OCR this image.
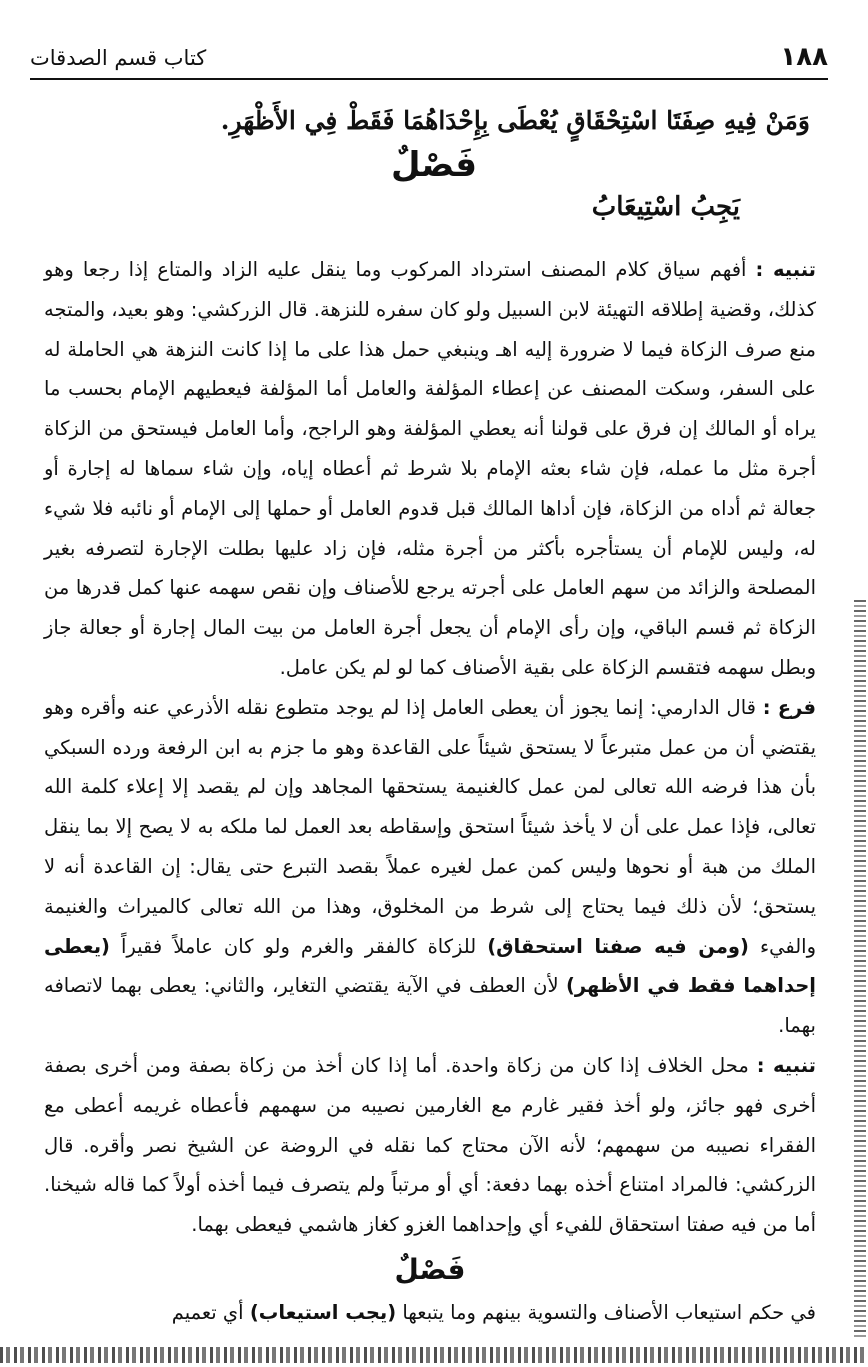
١٨٨
كتاب قسم الصدقات
وَمَنْ فِيهِ صِفَتَا اسْتِحْقَاقٍ يُعْطَى بِإِحْدَاهُمَا فَقَطْ فِي الأَظْهَرِ.
فَصْلٌ
يَجِبُ اسْتِيعَابُ

تنبيه : أفهم سياق كلام المصنف استرداد المركوب وما ينقل عليه الزاد والمتاع إذا رجعا وهو كذلك، وقضية إطلاقه التهيئة لابن السبيل ولو كان سفره للنزهة. قال الزركشي: وهو بعيد، والمتجه منع صرف الزكاة فيما لا ضرورة إليه اهـ وينبغي حمل هذا على ما إذا كانت النزهة هي الحاملة له على السفر، وسكت المصنف عن إعطاء المؤلفة والعامل أما المؤلفة فيعطيهم الإمام بحسب ما يراه أو المالك إن فرق على قولنا أنه يعطي المؤلفة وهو الراجح، وأما العامل فيستحق من الزكاة أجرة مثل ما عمله، فإن شاء بعثه الإمام بلا شرط ثم أعطاه إياه، وإن شاء سماها له إجارة أو جعالة ثم أداه من الزكاة، فإن أداها المالك قبل قدوم العامل أو حملها إلى الإمام أو نائبه فلا شيء له، وليس للإمام أن يستأجره بأكثر من أجرة مثله، فإن زاد عليها بطلت الإجارة لتصرفه بغير المصلحة والزائد من سهم العامل على أجرته يرجع للأصناف وإن نقص سهمه عنها كمل قدرها من الزكاة ثم قسم الباقي، وإن رأى الإمام أن يجعل أجرة العامل من بيت المال إجارة أو جعالة جاز وبطل سهمه فتقسم الزكاة على بقية الأصناف كما لو لم يكن عامل.

فرع : قال الدارمي: إنما يجوز أن يعطى العامل إذا لم يوجد متطوع نقله الأذرعي عنه وأقره وهو يقتضي أن من عمل متبرعاً لا يستحق شيئاً على القاعدة وهو ما جزم به ابن الرفعة ورده السبكي بأن هذا فرضه الله تعالى لمن عمل كالغنيمة يستحقها المجاهد وإن لم يقصد إلا إعلاء كلمة الله تعالى، فإذا عمل على أن لا يأخذ شيئاً استحق وإسقاطه بعد العمل لما ملكه به لا يصح إلا بما ينقل الملك من هبة أو نحوها وليس كمن عمل لغيره عملاً بقصد التبرع حتى يقال: إن القاعدة أنه لا يستحق؛ لأن ذلك فيما يحتاج إلى شرط من المخلوق، وهذا من الله تعالى كالميراث والغنيمة والفيء (ومن فيه صفتا استحقاق) للزكاة كالفقر والغرم ولو كان عاملاً فقيراً (يعطى إحداهما فقط في الأظهر) لأن العطف في الآية يقتضي التغاير، والثاني: يعطى بهما لاتصافه بهما.

تنبيه : محل الخلاف إذا كان من زكاة واحدة. أما إذا كان أخذ من زكاة بصفة ومن أخرى بصفة أخرى فهو جائز، ولو أخذ فقير غارم مع الغارمين نصيبه من سهمهم فأعطاه غريمه أعطى مع الفقراء نصيبه من سهمهم؛ لأنه الآن محتاج كما نقله في الروضة عن الشيخ نصر وأقره. قال الزركشي: فالمراد امتناع أخذه بهما دفعة: أي أو مرتباً ولم يتصرف فيما أخذه أولاً كما قاله شيخنا. أما من فيه صفتا استحقاق للفيء أي وإحداهما الغزو كغاز هاشمي فيعطى بهما.

فَصْلٌ

في حكم استيعاب الأصناف والتسوية بينهم وما يتبعها (يجب استيعاب) أي تعميم
